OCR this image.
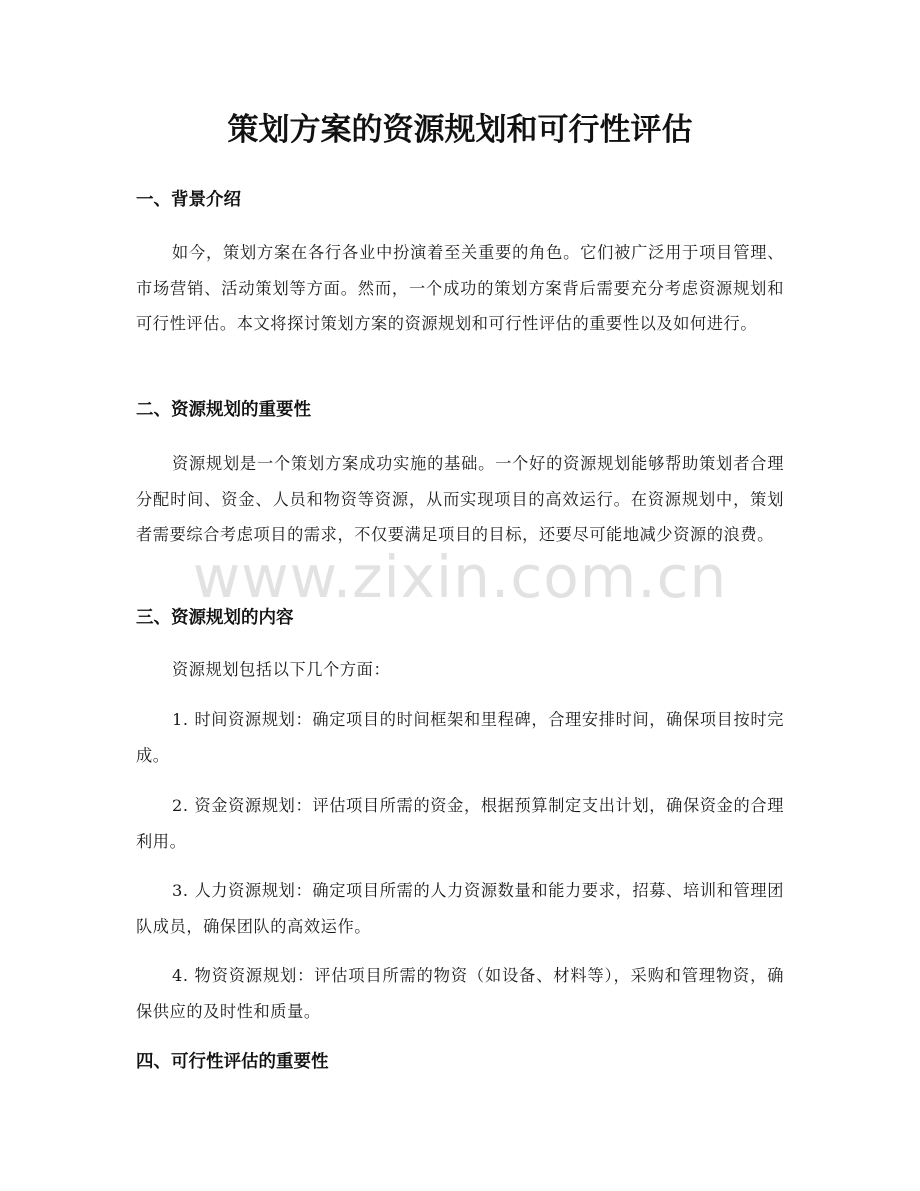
策划方案的资源规划和可行性评估
一、背景介绍

如今，策划方案在各行各业中扮演着至关重要的角色。它们被广泛用于项目管理、市场营销、活动策划等方面。然而，一个成功的策划方案背后需要充分考虑资源规划和可行性评估。本文将探讨策划方案的资源规划和可行性评估的重要性以及如何进行。

二、资源规划的重要性

资源规划是一个策划方案成功实施的基础。一个好的资源规划能够帮助策划者合理分配时间、资金、人员和物资等资源，从而实现项目的高效运行。在资源规划中，策划者需要综合考虑项目的需求，不仅要满足项目的目标，还要尽可能地减少资源的浪费。

三、资源规划的内容

资源规划包括以下几个方面：

1. 时间资源规划：确定项目的时间框架和里程碑，合理安排时间，确保项目按时完成。

2. 资金资源规划：评估项目所需的资金，根据预算制定支出计划，确保资金的合理利用。

3. 人力资源规划：确定项目所需的人力资源数量和能力要求，招募、培训和管理团队成员，确保团队的高效运作。

4. 物资资源规划：评估项目所需的物资（如设备、材料等），采购和管理物资，确保供应的及时性和质量。

四、可行性评估的重要性
www.zixin.com.cn
